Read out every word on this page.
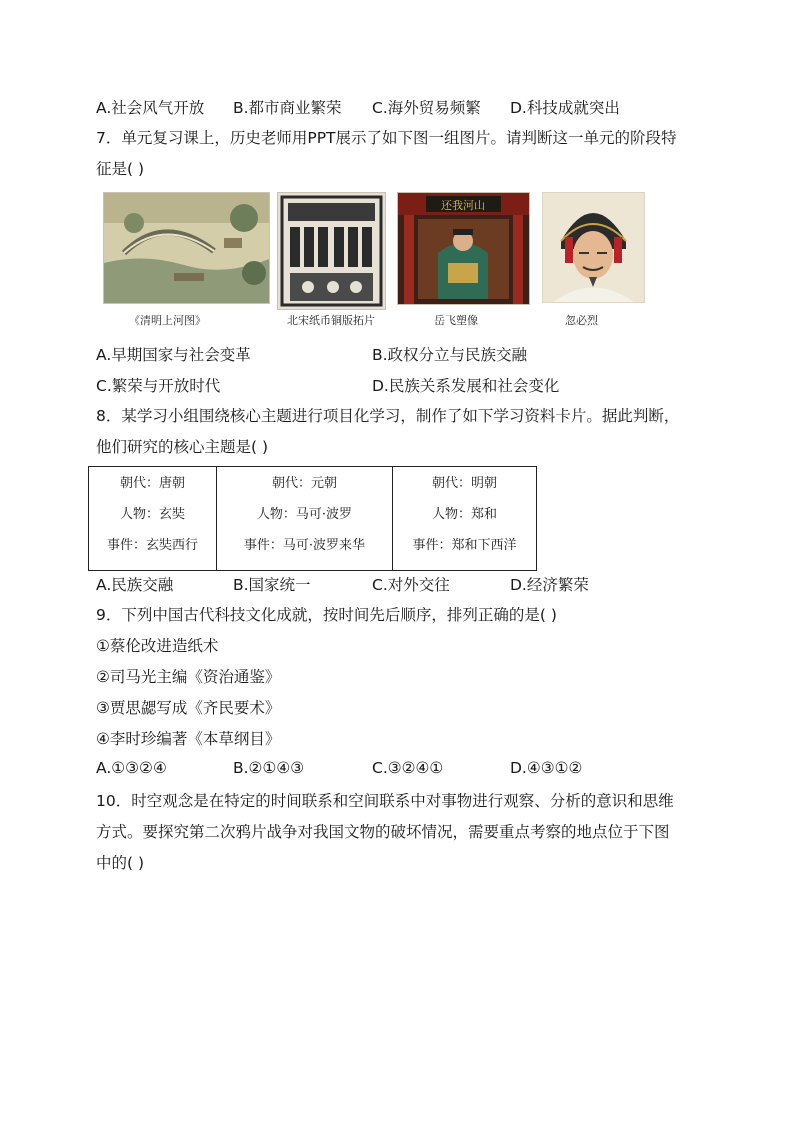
A.社会风气开放 B.都市商业繁荣 C.海外贸易频繁 D.科技成就突出
7．单元复习课上，历史老师用PPT展示了如下图一组图片。请判断这一单元的阶段特
征是( )
还我河山
《清明上河图》	北宋纸币铜版拓片	岳飞塑像	忽必烈
A.早期国家与社会变革	B.政权分立与民族交融
C.繁荣与开放时代	D.民族关系发展和社会变化
8．某学习小组围绕核心主题进行项目化学习，制作了如下学习资料卡片。据此判断，
他们研究的核心主题是( )
朝代：唐朝
人物：玄奘
事件：玄奘西行

朝代：元朝
人物：马可·波罗
事件：马可·波罗来华

朝代：明朝
人物：郑和
事件：郑和下西洋
A.民族交融	B.国家统一	C.对外交往	D.经济繁荣
9．下列中国古代科技文化成就，按时间先后顺序，排列正确的是( )
①蔡伦改进造纸术
②司马光主编《资治通鉴》
③贾思勰写成《齐民要术》
④李时珍编著《本草纲目》
A.①③②④	B.②①④③	C.③②④①	D.④③①②
10．时空观念是在特定的时间联系和空间联系中对事物进行观察、分析的意识和思维
方式。要探究第二次鸦片战争对我国文物的破坏情况，需要重点考察的地点位于下图
中的( )
